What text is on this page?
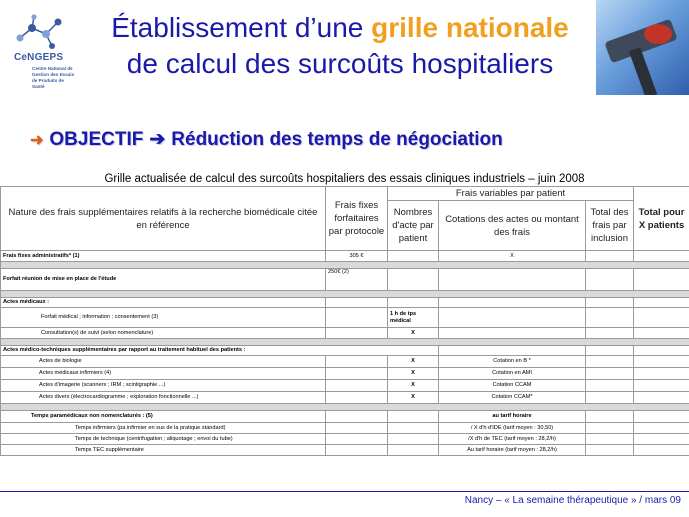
CeNGEPS
Centre National de Gestion des Essais de Produits de Santé
Établissement d’une grille nationale
de calcul des surcoûts hospitaliers
➜ OBJECTIF ➔ Réduction des temps de négociation
Grille actualisée de calcul des surcoûts hospitaliers des essais cliniques industriels – juin 2008
Nature des frais supplémentaires relatifs à la recherche biomédicale citée en référence	Frais fixes forfaitaires par protocole	Frais variables par patient			Total pour X patients
		Nombres d'acte par patient	Cotations des actes ou montant des frais	Total des frais par inclusion	
Frais fixes administratifs* (1)	305 €		X		

Forfait réunion de mise en place de l'étude	250€ (2)				

Actes médicaux :					
Forfait médical ; information ; consentement (3)		1 h de tps médical			
Consultation(s) de suivi (selon nomenclature)		X			

Actes médico-techniques supplémentaires par rapport au traitement habituel des patients :					
Actes de biologie		X	Cotation en B *		
Actes médicaux infirmiers (4)		X	Cotation en AMI		
Actes d'imagerie (scanners ; IRM ; scintigraphie ...)		X	Cotation CCAM		
Actes divers (électrocardiogramme ; exploration fonctionnelle ...)		X	Cotation CCAM*		

Temps paramédicaux non nomenclaturés : (5)			au tarif horaire		
Temps infirmiers (pa infirmier en sus de la pratique standard)			/ X d'h d'IDE (tarif moyen : 30,50)		
Temps de technique (centrifugation ; aliquotage ; envoi du tube)			/X d'h de TEC (tarif moyen : 28,2/h)		
Temps TEC supplémentaire			Au tarif horaire (tarif moyen : 28,2/h)		
Nancy – « La semaine thérapeutique » / mars 09
